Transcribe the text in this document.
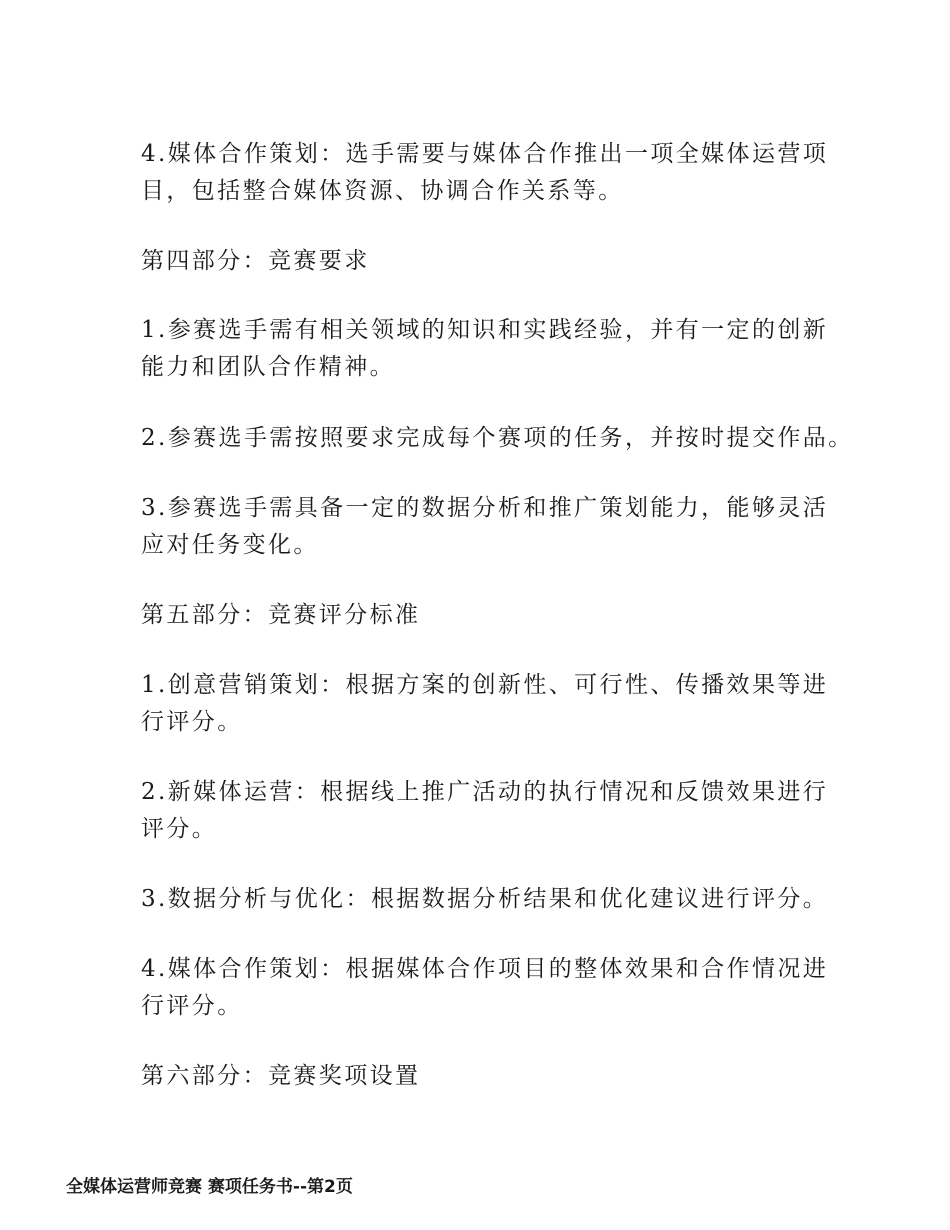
4.媒体合作策划：选手需要与媒体合作推出一项全媒体运营项
目，包括整合媒体资源、协调合作关系等。

第四部分：竞赛要求

1.参赛选手需有相关领域的知识和实践经验，并有一定的创新
能力和团队合作精神。

2.参赛选手需按照要求完成每个赛项的任务，并按时提交作品。

3.参赛选手需具备一定的数据分析和推广策划能力，能够灵活
应对任务变化。

第五部分：竞赛评分标准

1.创意营销策划：根据方案的创新性、可行性、传播效果等进
行评分。

2.新媒体运营：根据线上推广活动的执行情况和反馈效果进行
评分。

3.数据分析与优化：根据数据分析结果和优化建议进行评分。

4.媒体合作策划：根据媒体合作项目的整体效果和合作情况进
行评分。

第六部分：竞赛奖项设置

全媒体运营师竞赛 赛项任务书--第2页
